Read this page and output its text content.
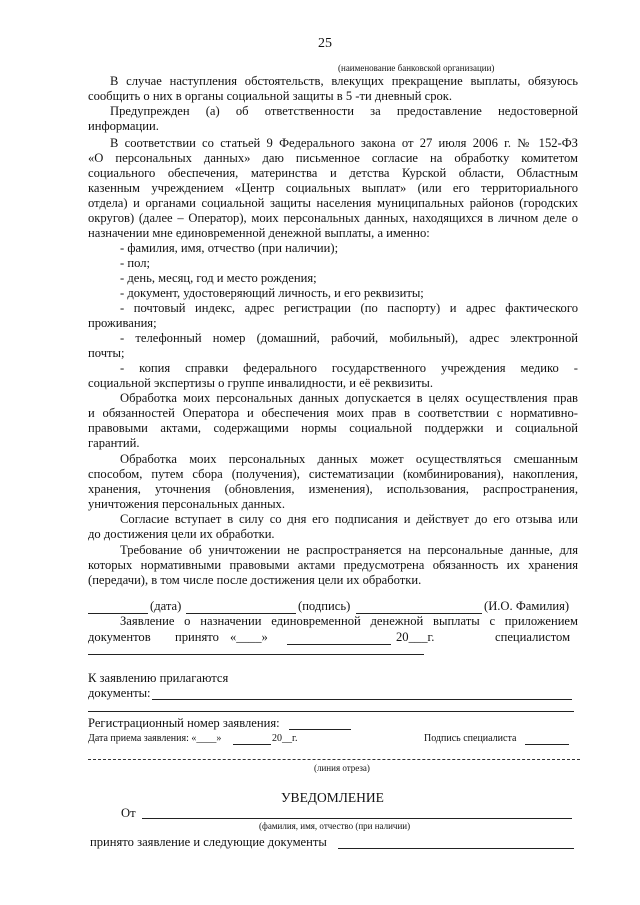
25
(наименование банковской организации)
В случае наступления обстоятельств, влекущих прекращение выплаты, обязуюсь
сообщить о них в органы социальной защиты в 5 -ти дневный срок.
Предупрежден (а) об ответственности за предоставление недостоверной
информации.
В соответствии со статьей 9 Федерального закона от 27 июля 2006 г. № 152-ФЗ
«О персональных данных» даю письменное согласие на обработку комитетом
социального обеспечения, материнства и детства Курской области, Областным
казенным учреждением «Центр социальных выплат» (или его территориального
отдела) и органами социальной защиты населения муниципальных районов (городских
округов) (далее – Оператор), моих персональных данных, находящихся в личном деле о
назначении мне единовременной денежной выплаты, а именно:
- фамилия, имя, отчество (при наличии);
- пол;
- день, месяц, год и место рождения;
- документ, удостоверяющий личность, и его реквизиты;
- почтовый индекс, адрес регистрации (по паспорту) и адрес фактического
проживания;
- телефонный номер (домашний, рабочий, мобильный), адрес электронной
почты;
- копия справки федерального государственного учреждения медико -
социальной экспертизы о группе инвалидности, и её реквизиты.
Обработка моих персональных данных допускается в целях осуществления прав
и обязанностей Оператора и обеспечения моих прав в соответствии с нормативно-
правовыми актами, содержащими нормы социальной поддержки и социальной
гарантий.
Обработка моих персональных данных может осуществляться смешанным
способом, путем сбора (получения), систематизации (комбинирования), накопления,
хранения, уточнения (обновления, изменения), использования, распространения,
уничтожения персональных данных.
Согласие вступает в силу со дня его подписания и действует до его отзыва или
до достижения цели их обработки.
Требование об уничтожении не распространяется на персональные данные, для
которых нормативными правовыми актами предусмотрена обязанность их хранения
(передачи), в том числе после достижения цели их обработки.
(дата)	(подпись)	(И.О. Фамилия)
Заявление о назначении единовременной денежной выплаты с приложением
документов принято «____»	20___г.	специалистом
К заявлению прилагаются
документы:
Регистрационный номер заявления:
Дата приема заявления: «____»	20__г.	Подпись специалиста
(линия отреза)
УВЕДОМЛЕНИЕ
От
(фамилия, имя, отчество (при наличии)
принято заявление и следующие документы
